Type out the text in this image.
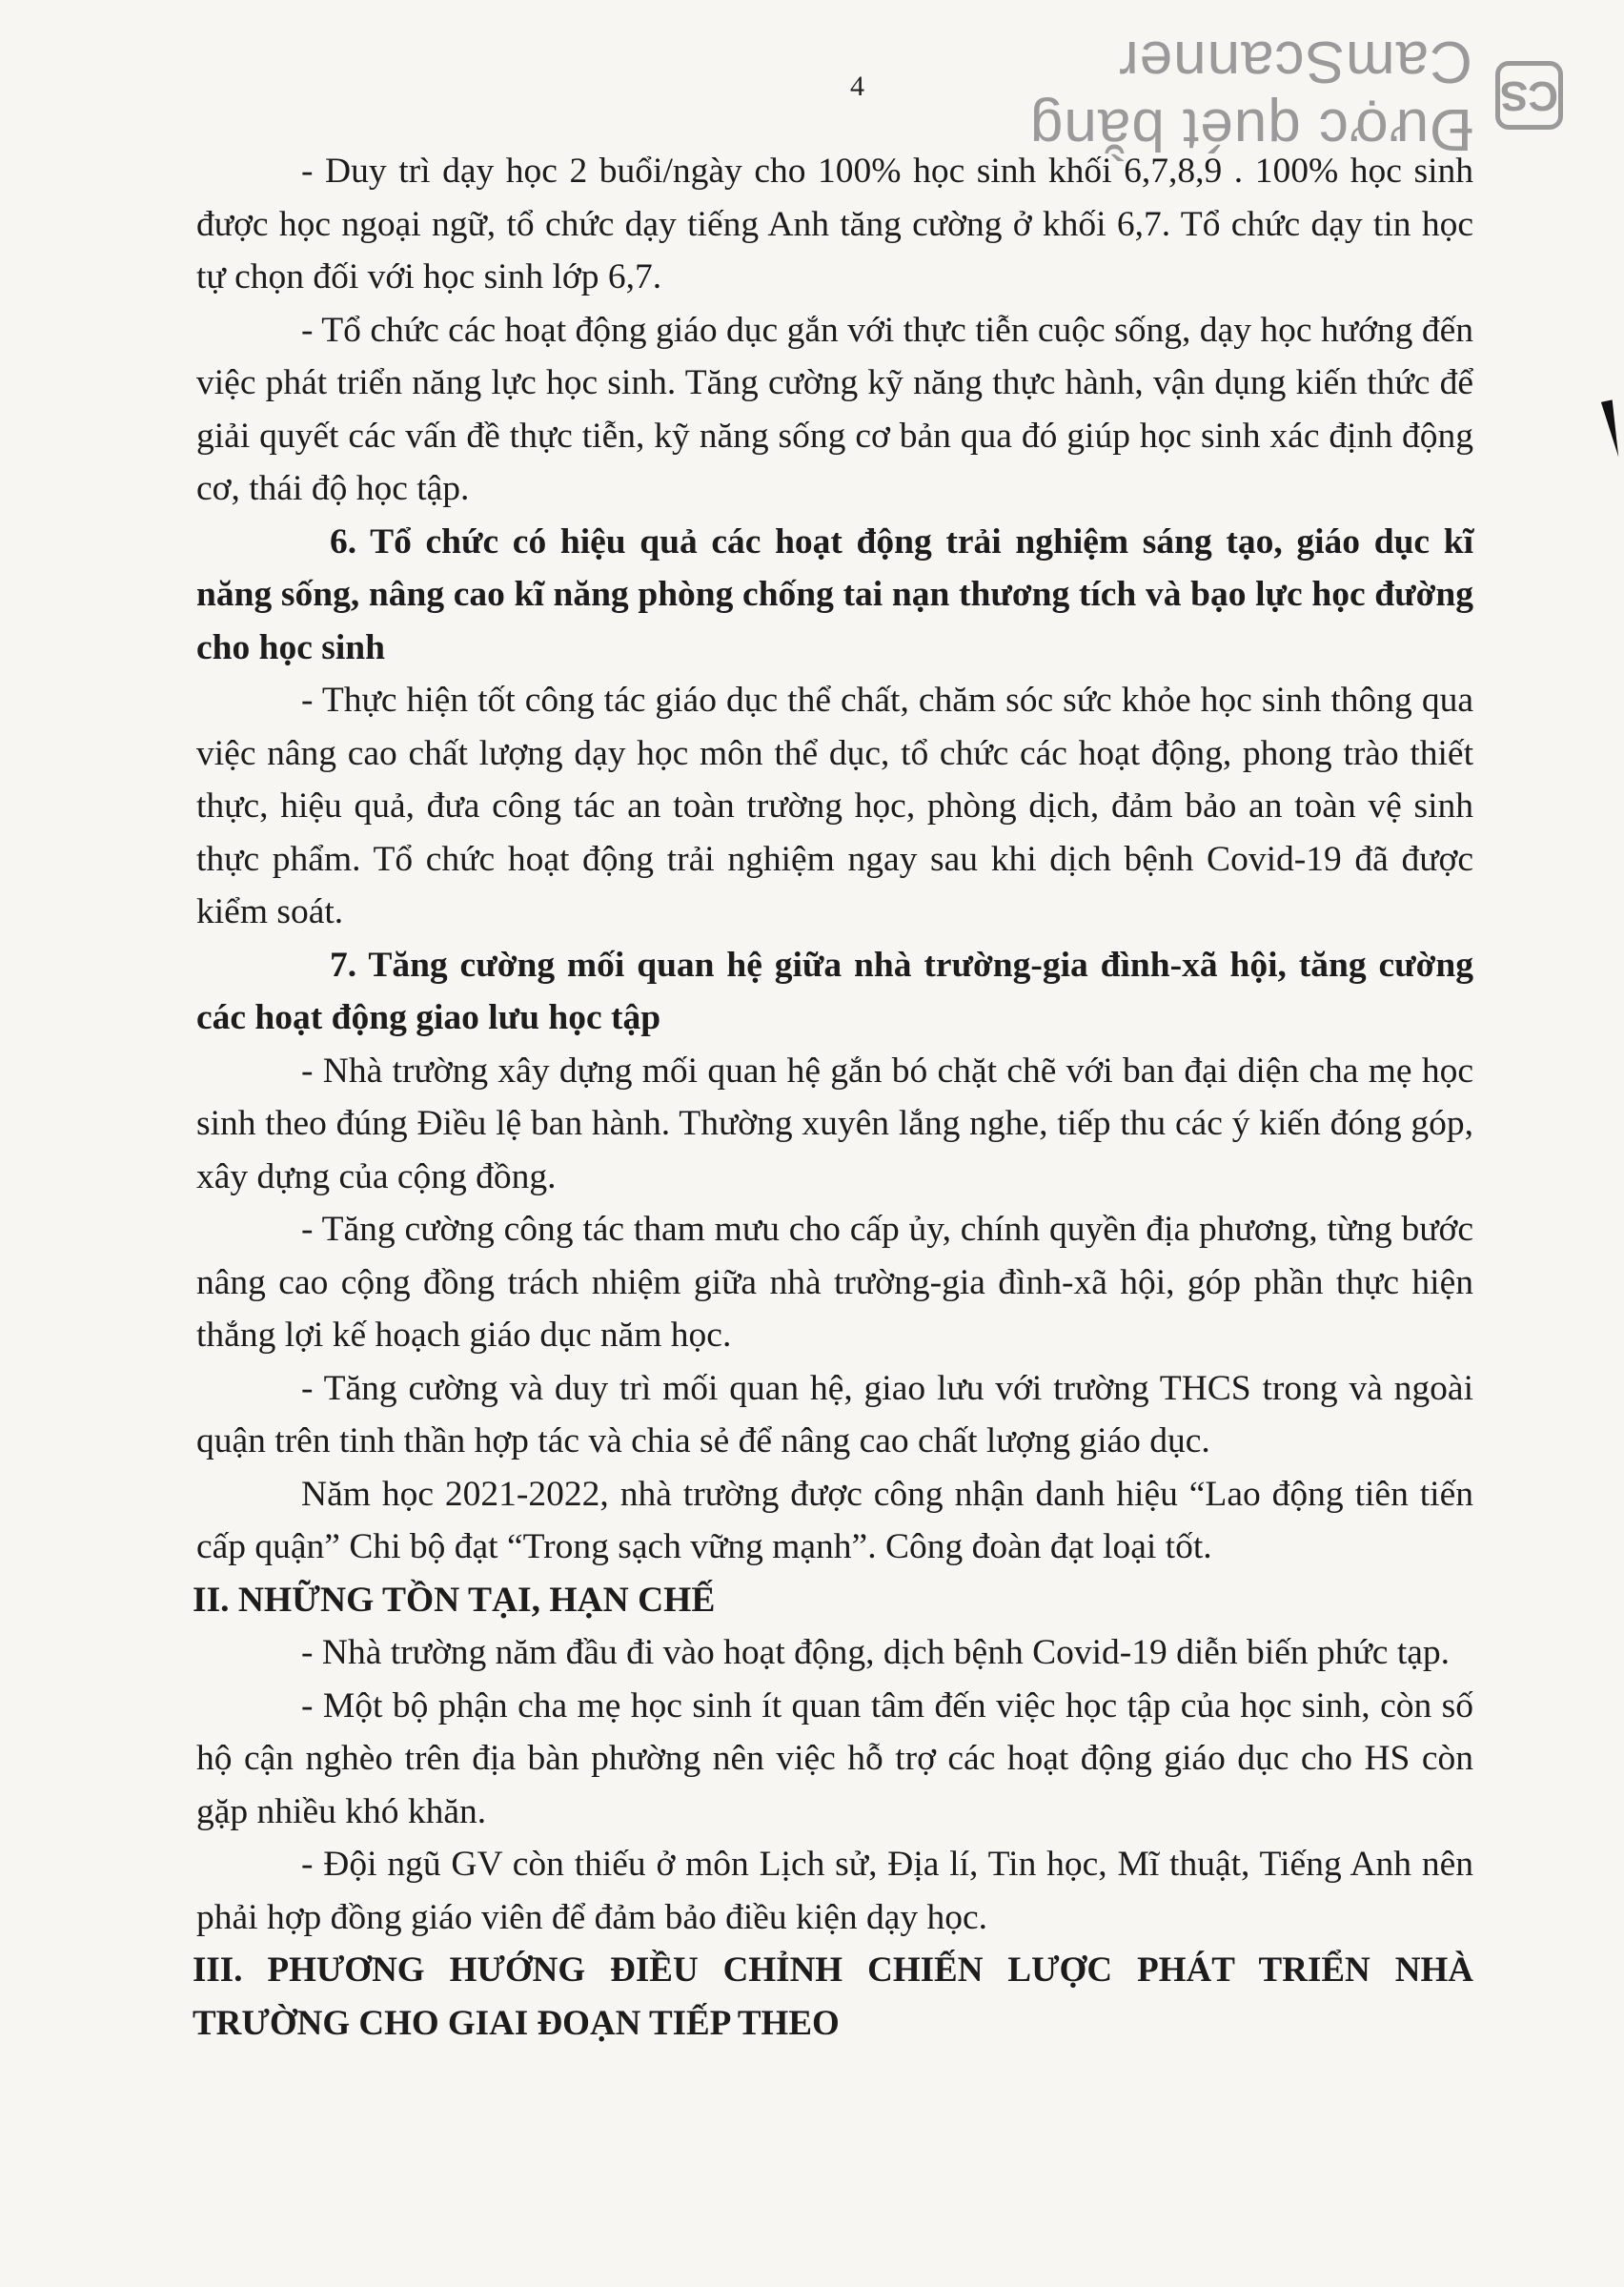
CS
Được quét bằng CamScanner
4

- Duy trì dạy học 2 buổi/ngày cho 100% học sinh khối 6,7,8,9 . 100% học sinh được học ngoại ngữ, tổ chức dạy tiếng Anh tăng cường ở khối 6,7. Tổ chức dạy tin học tự chọn đối với học sinh lớp 6,7.

- Tổ chức các hoạt động giáo dục gắn với thực tiễn cuộc sống, dạy học hướng đến việc phát triển năng lực học sinh. Tăng cường kỹ năng thực hành, vận dụng kiến thức để giải quyết các vấn đề thực tiễn, kỹ năng sống cơ bản qua đó giúp học sinh xác định động cơ, thái độ học tập.

6. Tổ chức có hiệu quả các hoạt động trải nghiệm sáng tạo, giáo dục kĩ năng sống, nâng cao kĩ năng phòng chống tai nạn thương tích và bạo lực học đường cho học sinh

- Thực hiện tốt công tác giáo dục thể chất, chăm sóc sức khỏe học sinh thông qua việc nâng cao chất lượng dạy học môn thể dục, tổ chức các hoạt động, phong trào thiết thực, hiệu quả, đưa công tác an toàn trường học, phòng dịch, đảm bảo an toàn vệ sinh thực phẩm. Tổ chức hoạt động trải nghiệm ngay sau khi dịch bệnh Covid-19 đã được kiểm soát.

7. Tăng cường mối quan hệ giữa nhà trường-gia đình-xã hội, tăng cường các hoạt động giao lưu học tập

- Nhà trường xây dựng mối quan hệ gắn bó chặt chẽ với ban đại diện cha mẹ học sinh theo đúng Điều lệ ban hành. Thường xuyên lắng nghe, tiếp thu các ý kiến đóng góp, xây dựng của cộng đồng.

- Tăng cường công tác tham mưu cho cấp ủy, chính quyền địa phương, từng bước nâng cao cộng đồng trách nhiệm giữa nhà trường-gia đình-xã hội, góp phần thực hiện thắng lợi kế hoạch giáo dục năm học.

- Tăng cường và duy trì mối quan hệ, giao lưu với trường THCS trong và ngoài quận trên tinh thần hợp tác và chia sẻ để nâng cao chất lượng giáo dục.

Năm học 2021-2022, nhà trường được công nhận danh hiệu “Lao động tiên tiến cấp quận” Chi bộ đạt “Trong sạch vững mạnh”. Công đoàn đạt loại tốt.

II. NHỮNG TỒN TẠI, HẠN CHẾ

- Nhà trường năm đầu đi vào hoạt động, dịch bệnh Covid-19 diễn biến phức tạp.

- Một bộ phận cha mẹ học sinh ít quan tâm đến việc học tập của học sinh, còn số hộ cận nghèo trên địa bàn phường nên việc hỗ trợ các hoạt động giáo dục cho HS còn gặp nhiều khó khăn.

- Đội ngũ GV còn thiếu ở môn Lịch sử, Địa lí, Tin học, Mĩ thuật, Tiếng Anh nên phải hợp đồng giáo viên để đảm bảo điều kiện dạy học.

III. PHƯƠNG HƯỚNG ĐIỀU CHỈNH CHIẾN LƯỢC PHÁT TRIỂN NHÀ TRƯỜNG CHO GIAI ĐOẠN TIẾP THEO
